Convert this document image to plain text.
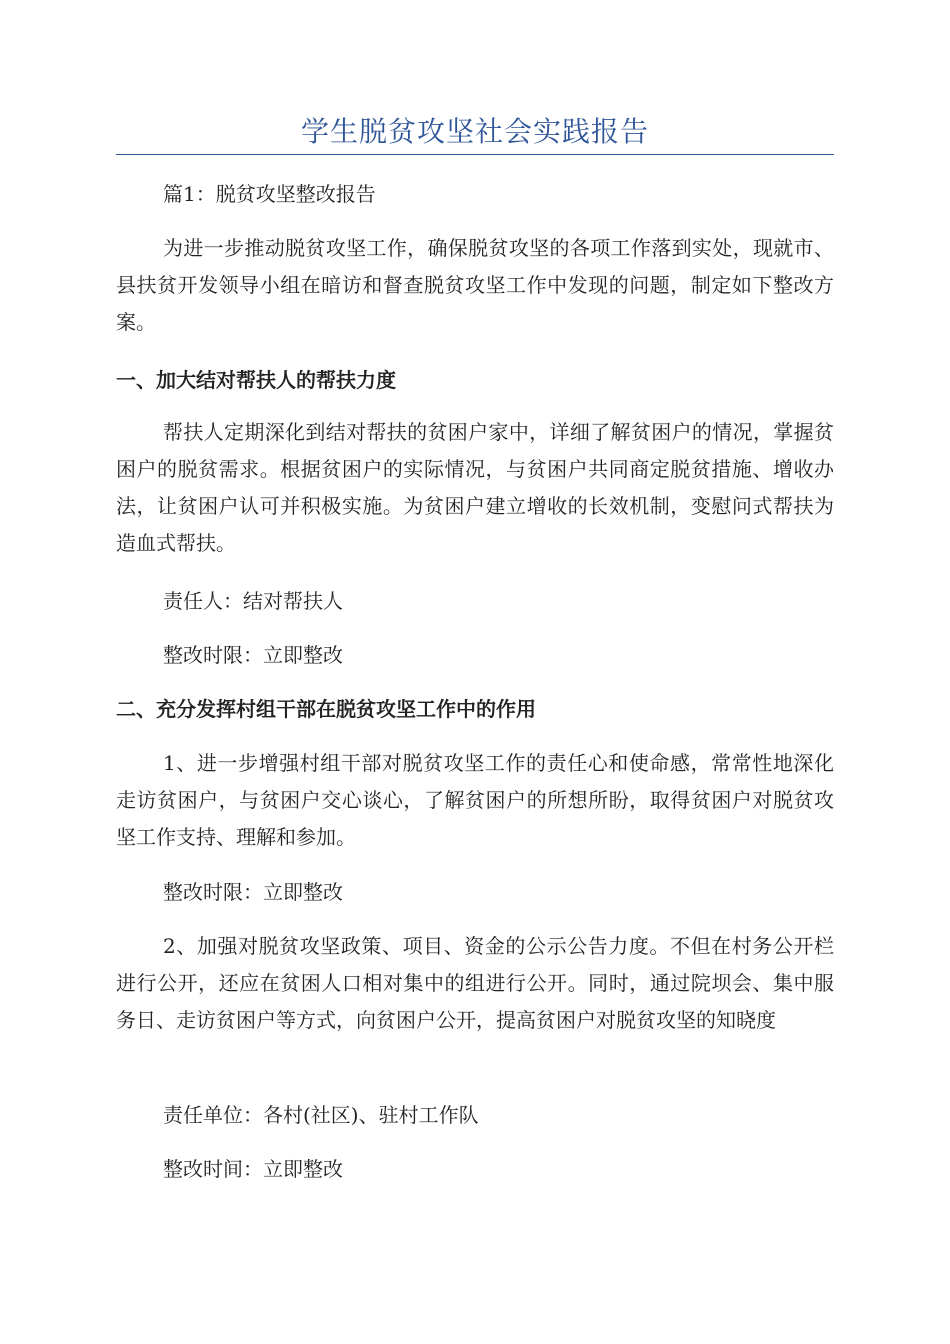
学生脱贫攻坚社会实践报告

篇1：脱贫攻坚整改报告

为进一步推动脱贫攻坚工作，确保脱贫攻坚的各项工作落到实处，现就市、县扶贫开发领导小组在暗访和督查脱贫攻坚工作中发现的问题，制定如下整改方案。

一、加大结对帮扶人的帮扶力度

帮扶人定期深化到结对帮扶的贫困户家中，详细了解贫困户的情况，掌握贫困户的脱贫需求。根据贫困户的实际情况，与贫困户共同商定脱贫措施、增收办法，让贫困户认可并积极实施。为贫困户建立增收的长效机制，变慰问式帮扶为造血式帮扶。

责任人：结对帮扶人

整改时限：立即整改

二、充分发挥村组干部在脱贫攻坚工作中的作用

1、进一步增强村组干部对脱贫攻坚工作的责任心和使命感，常常性地深化走访贫困户，与贫困户交心谈心，了解贫困户的所想所盼，取得贫困户对脱贫攻坚工作支持、理解和参加。

整改时限：立即整改

2、加强对脱贫攻坚政策、项目、资金的公示公告力度。不但在村务公开栏进行公开，还应在贫困人口相对集中的组进行公开。同时，通过院坝会、集中服务日、走访贫困户等方式，向贫困户公开，提高贫困户对脱贫攻坚的知晓度

责任单位：各村(社区)、驻村工作队

整改时间：立即整改
